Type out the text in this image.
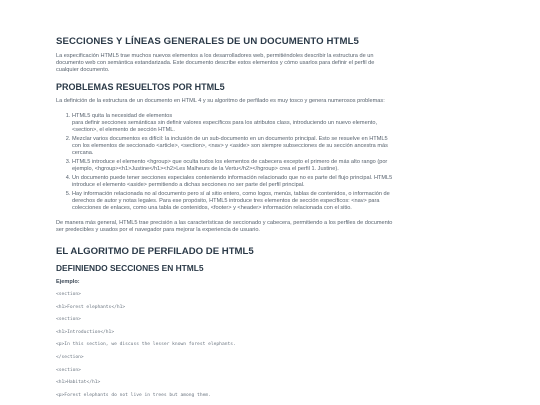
SECCIONES Y LÍNEAS GENERALES DE UN DOCUMENTO HTML5

La especificación HTML5 trae muchos nuevos elementos a los desarrolladores web, permitiéndoles describir la estructura de un
documento web con semántica estandarizada. Este documento describe estos elementos y cómo usarlos para definir el perfil de
cualquier documento.

PROBLEMAS RESUELTOS POR HTML5

La definición de la estructura de un documento en HTML 4 y su algoritmo de perfilado es muy tosco y genera numerosos problemas:

1. HTML5 quita la necesidad de elementos
para definir secciones semánticas sin definir valores específicos para los atributos class, introduciendo un nuevo elemento,
<section>, el elemento de sección HTML.
2. Mezclar varios documentos es difícil: la inclusión de un sub-documento en un documento principal. Esto se resuelve en HTML5
con los elementos de seccionado <article>, <section>, <nav> y <aside> son siempre subsecciones de su sección ancestra más
cercana.
3. HTML5 introduce el elemento <hgroup> que oculta todos los elementos de cabecera excepto el primero de más alto rango (por
ejemplo, <hgroup><h1>Justine</h1><h2>Les Malheurs de la Vertu</h2></hgroup> crea el perfil 1. Justine).
4. Un documento puede tener secciones especiales conteniendo información relacionado que no es parte del flujo principal. HTML5
introduce el elemento <aside> permitiendo a dichas secciones no ser parte del perfil principal.
5. Hay información relacionada no al documento pero sí al sitio entero, como logos, menús, tablas de contenidos, o información de
derechos de autor y notas legales. Para ese propósito, HTML5 introduce tres elementos de sección específicos: <nav> para
colecciones de enlaces, como una tabla de contenidos, <footer> y <header> información relacionada con el sitio.

De manera más general, HTML5 trae precisión a las características de seccionado y cabecera, permitiendo a los perfiles de documento
ser predecibles y usados por el navegador para mejorar la experiencia de usuario.

EL ALGORITMO DE PERFILADO DE HTML5
DEFINIENDO SECCIONES EN HTML5
Ejemplo:
<section>
<h1>Forest elephants</h1>
<section>
<h1>Introduction</h1>
<p>In this section, we discuss the lesser known forest elephants.
</section>
<section>
<h1>Habitat</h1>
<p>Forest elephants do not live in trees but among them.
